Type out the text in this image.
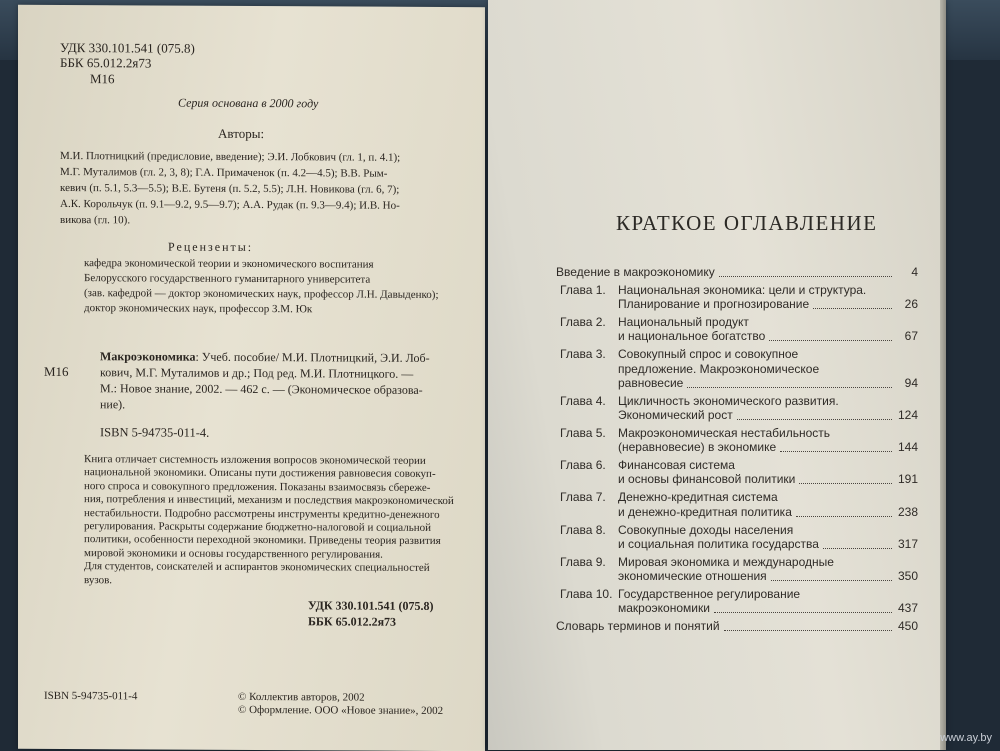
УДК 330.101.541 (075.8)
ББК 65.012.2я73
М16
Серия основана в 2000 году
Авторы:
М.И. Плотницкий (предисловие, введение); Э.И. Лобкович (гл. 1, п. 4.1);
М.Г. Муталимов (гл. 2, 3, 8); Г.А. Примаченок (п. 4.2—4.5); В.В. Рым-
кевич (п. 5.1, 5.3—5.5); В.Е. Бутеня (п. 5.2, 5.5); Л.Н. Новикова (гл. 6, 7);
А.К. Корольчук (п. 9.1—9.2, 9.5—9.7); А.А. Рудак (п. 9.3—9.4); И.В. Но-
викова (гл. 10).
Рецензенты:
кафедра экономической теории и экономического воспитания
Белорусского государственного гуманитарного университета
(зав. кафедрой — доктор экономических наук, профессор Л.Н. Давыденко);
доктор экономических наук, профессор З.М. Юк
М16
Макроэкономика: Учеб. пособие/ М.И. Плотницкий, Э.И. Лоб-
кович, М.Г. Муталимов и др.; Под ред. М.И. Плотницкого. —
М.: Новое знание, 2002. — 462 с. — (Экономическое образова-
ние).
ISBN 5-94735-011-4.
Книга отличает системность изложения вопросов экономической теории
национальной экономики. Описаны пути достижения равновесия совокуп-
ного спроса и совокупного предложения. Показаны взаимосвязь сбереже-
ния, потребления и инвестиций, механизм и последствия макроэкономической
нестабильности. Подробно рассмотрены инструменты кредитно-денежного
регулирования. Раскрыты содержание бюджетно-налоговой и социальной
политики, особенности переходной экономики. Приведены теория развития
мировой экономики и основы государственного регулирования.
Для студентов, соискателей и аспирантов экономических специальностей
вузов.
УДК 330.101.541 (075.8)
ББК 65.012.2я73
ISBN 5-94735-011-4	© Коллектив авторов, 2002
© Оформление. ООО «Новое знание», 2002
КРАТКОЕ ОГЛАВЛЕНИЕ
Введение в макроэкономику	4
Глава 1. Национальная экономика: цели и структура.
Планирование и прогнозирование	26
Глава 2. Национальный продукт
и национальное богатство	67
Глава 3. Совокупный спрос и совокупное
предложение. Макроэкономическое
равновесие	94
Глава 4. Цикличность экономического развития.
Экономический рост	124
Глава 5. Макроэкономическая нестабильность
(неравновесие) в экономике	144
Глава 6. Финансовая система
и основы финансовой политики	191
Глава 7. Денежно-кредитная система
и денежно-кредитная политика	238
Глава 8. Совокупные доходы населения
и социальная политика государства	317
Глава 9. Мировая экономика и международные
экономические отношения	350
Глава 10. Государственное регулирование
макроэкономики	437
Словарь терминов и понятий	450
www.ay.by
